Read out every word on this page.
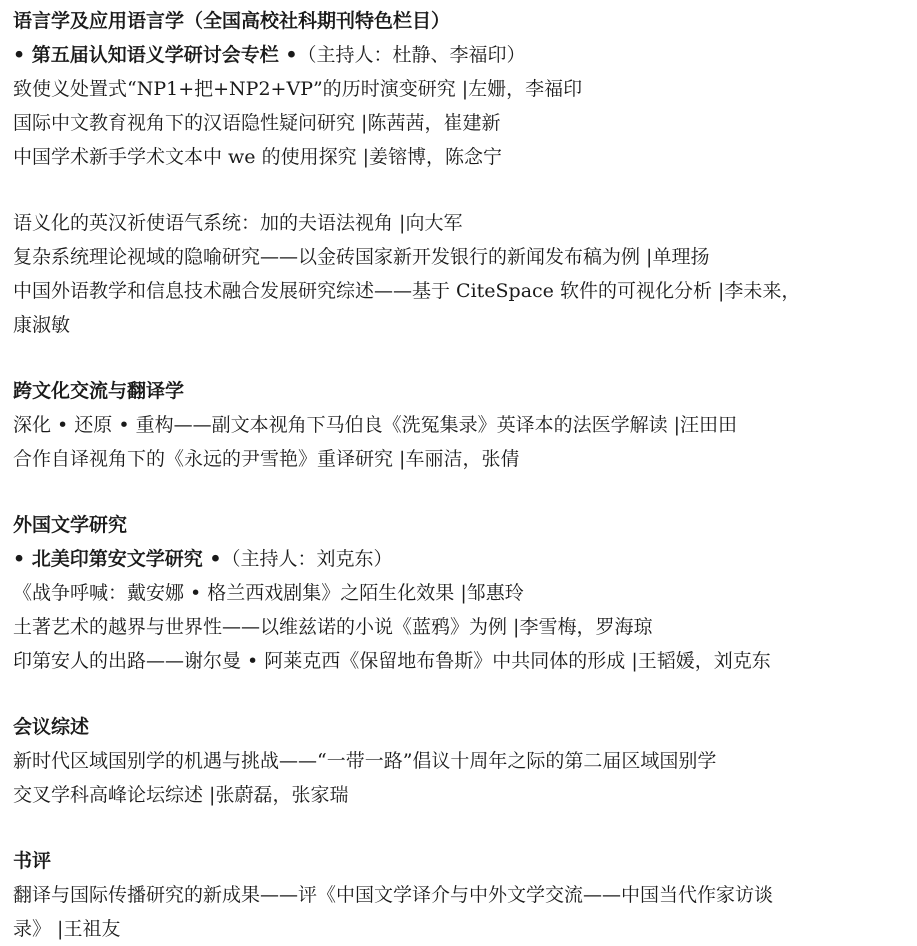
语言学及应用语言学（全国高校社科期刊特色栏目）
• 第五届认知语义学研讨会专栏 •（主持人：杜静、李福印）
致使义处置式“NP1+把+NP2+VP”的历时演变研究 |左姗，李福印
国际中文教育视角下的汉语隐性疑问研究 |陈茜茜，崔建新
中国学术新手学术文本中 we 的使用探究 |姜镕博，陈念宁
语义化的英汉祈使语气系统：加的夫语法视角 |向大军
复杂系统理论视域的隐喻研究——以金砖国家新开发银行的新闻发布稿为例 |单理扬
中国外语教学和信息技术融合发展研究综述——基于 CiteSpace 软件的可视化分析 |李未来，
康淑敏
跨文化交流与翻译学
深化 • 还原 • 重构——副文本视角下马伯良《洗冤集录》英译本的法医学解读 |汪田田
合作自译视角下的《永远的尹雪艳》重译研究 |车丽洁，张倩
外国文学研究
• 北美印第安文学研究 •（主持人：刘克东）
《战争呼喊：戴安娜 • 格兰西戏剧集》之陌生化效果 |邹惠玲
土著艺术的越界与世界性——以维兹诺的小说《蓝鸦》为例 |李雪梅，罗海琼
印第安人的出路——谢尔曼 • 阿莱克西《保留地布鲁斯》中共同体的形成 |王韬媛，刘克东
会议综述
新时代区域国别学的机遇与挑战——“一带一路”倡议十周年之际的第二届区域国别学
交叉学科高峰论坛综述 |张蔚磊，张家瑞
书评
翻译与国际传播研究的新成果——评《中国文学译介与中外文学交流——中国当代作家访谈
录》 |王祖友
